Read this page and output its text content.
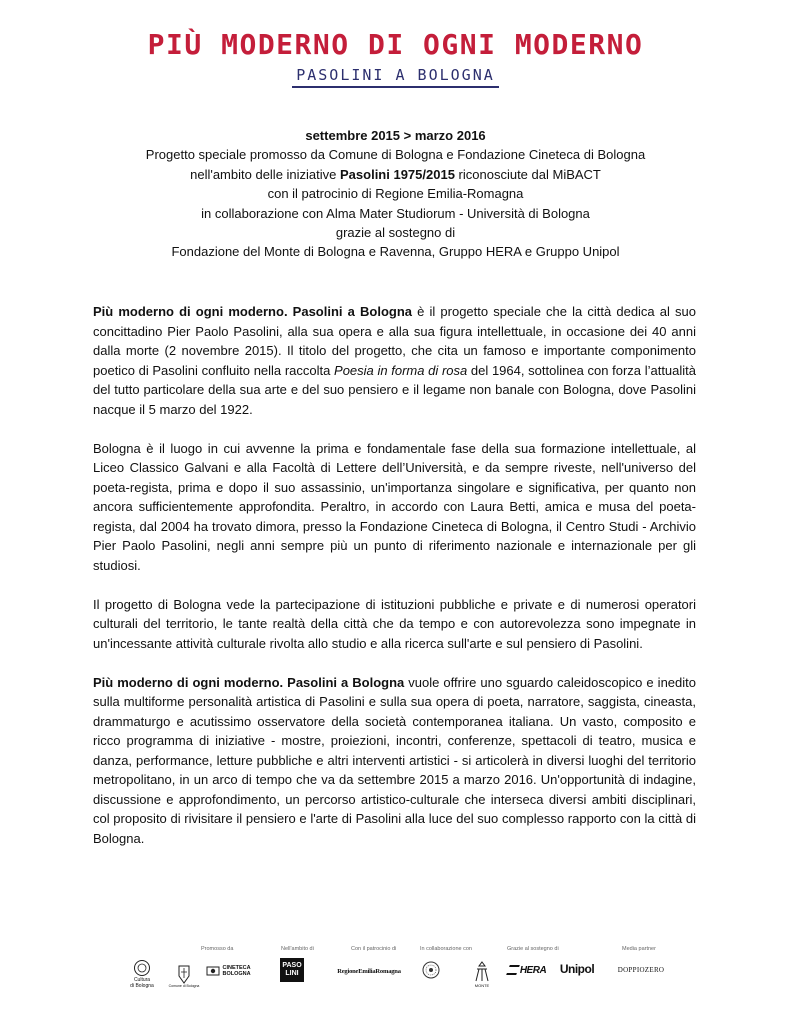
PIÙ MODERNO DI OGNI MODERNO
PASOLINI A BOLOGNA
settembre 2015 > marzo 2016
Progetto speciale promosso da Comune di Bologna e Fondazione Cineteca di Bologna
nell'ambito delle iniziative Pasolini 1975/2015 riconosciute dal MiBACT
con il patrocinio di Regione Emilia-Romagna
in collaborazione con Alma Mater Studiorum - Università di Bologna
grazie al sostegno di
Fondazione del Monte di Bologna e Ravenna, Gruppo HERA e Gruppo Unipol

Più moderno di ogni moderno. Pasolini a Bologna è il progetto speciale che la città dedica al suo concittadino Pier Paolo Pasolini, alla sua opera e alla sua figura intellettuale, in occasione dei 40 anni dalla morte (2 novembre 2015). Il titolo del progetto, che cita un famoso e importante componimento poetico di Pasolini confluito nella raccolta Poesia in forma di rosa del 1964, sottolinea con forza l’attualità del tutto particolare della sua arte e del suo pensiero e il legame non banale con Bologna, dove Pasolini nacque il 5 marzo del 1922.

Bologna è il luogo in cui avvenne la prima e fondamentale fase della sua formazione intellettuale, al Liceo Classico Galvani e alla Facoltà di Lettere dell’Università, e da sempre riveste, nell'universo del poeta-regista, prima e dopo il suo assassinio, un'importanza singolare e significativa, per quanto non ancora sufficientemente approfondita. Peraltro, in accordo con Laura Betti, amica e musa del poeta-regista, dal 2004 ha trovato dimora, presso la Fondazione Cineteca di Bologna, il Centro Studi - Archivio Pier Paolo Pasolini, negli anni sempre più un punto di riferimento nazionale e internazionale per gli studiosi.

Il progetto di Bologna vede la partecipazione di istituzioni pubbliche e private e di numerosi operatori culturali del territorio, le tante realtà della città che da tempo e con autorevolezza sono impegnate in un'incessante attività culturale rivolta allo studio e alla ricerca sull'arte e sul pensiero di Pasolini.

Più moderno di ogni moderno. Pasolini a Bologna vuole offrire uno sguardo caleidoscopico e inedito sulla multiforme personalità artistica di Pasolini e sulla sua opera di poeta, narratore, saggista, cineasta, drammaturgo e acutissimo osservatore della società contemporanea italiana. Un vasto, composito e ricco programma di iniziative - mostre, proiezioni, incontri, conferenze, spettacoli di teatro, musica e danza, performance, letture pubbliche e altri interventi artistici - si articolerà in diversi luoghi del territorio metropolitano, in un arco di tempo che va da settembre 2015 a marzo 2016. Un'opportunità di indagine, discussione e approfondimento, un percorso artistico-culturale che interseca diversi ambiti disciplinari, col proposito di rivisitare il pensiero e l'arte di Pasolini alla luce del suo complesso rapporto con la città di Bologna.

Promosso da	Nell'ambito di	Con il patrocinio di	In collaborazione con	Grazie al sostegno di	Media partner
Cultura
di Bologna	Comune di Bologna
CINETECA BOLOGNA
PASO LINI	RegioneEmiliaRomagna
MONTE
HERA Unipol	DOPPIOZERO
